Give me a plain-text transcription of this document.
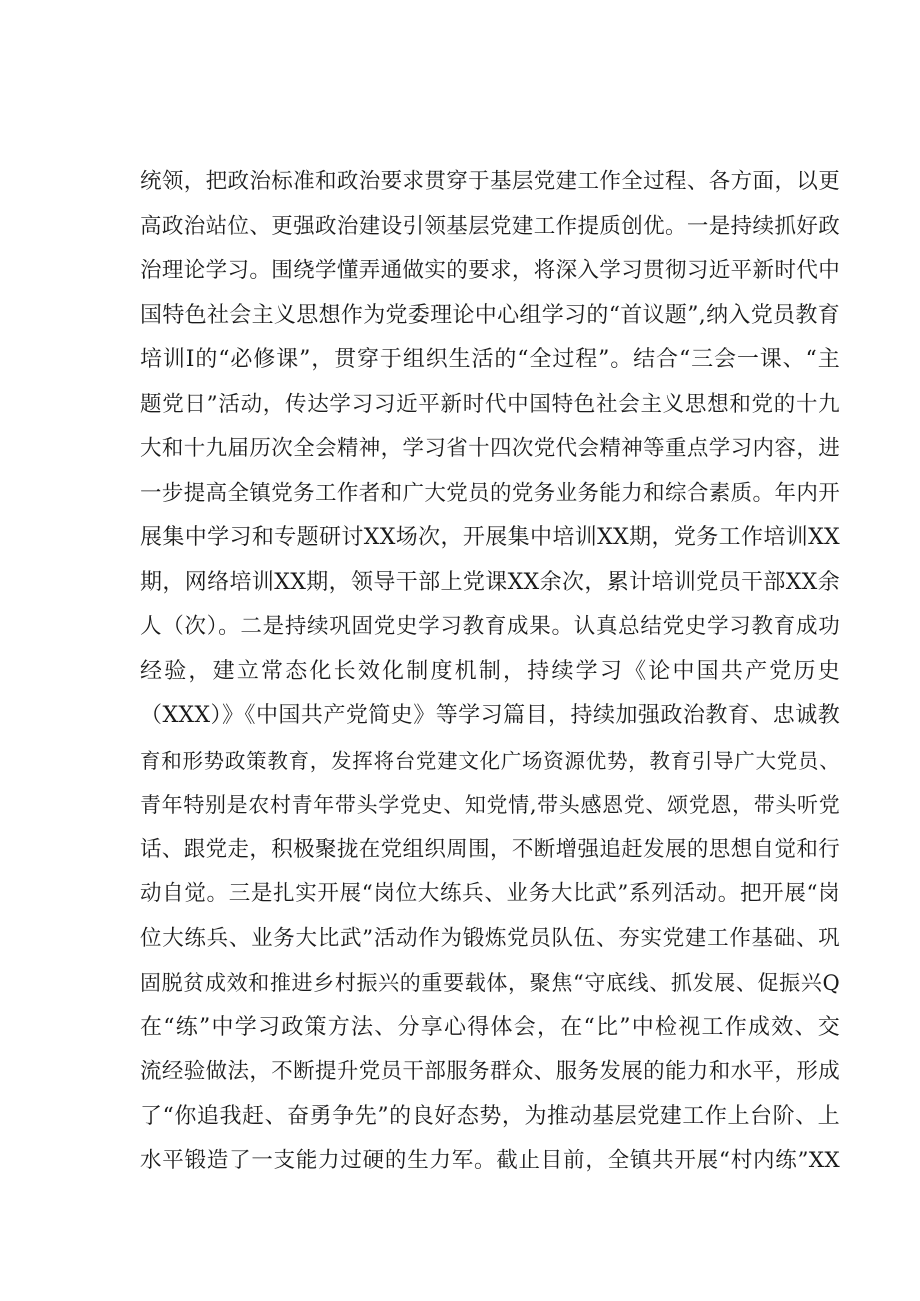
统领，把政治标准和政治要求贯穿于基层党建工作全过程、各方面，以更
高政治站位、更强政治建设引领基层党建工作提质创优。一是持续抓好政
治理论学习。围绕学懂弄通做实的要求，将深入学习贯彻习近平新时代中
国特色社会主义思想作为党委理论中心组学习的“首议题”,纳入党员教育
培训Ⅰ的“必修课”，贯穿于组织生活的“全过程”。结合“三会一课、“主
题党日”活动，传达学习习近平新时代中国特色社会主义思想和党的十九
大和十九届历次全会精神，学习省十四次党代会精神等重点学习内容，进
一步提高全镇党务工作者和广大党员的党务业务能力和综合素质。年内开
展集中学习和专题研讨XX场次，开展集中培训XX期，党务工作培训XX
期，网络培训XX期，领导干部上党课XX余次，累计培训党员干部XX余
人（次）。二是持续巩固党史学习教育成果。认真总结党史学习教育成功
经验，建立常态化长效化制度机制，持续学习《论中国共产党历史
（XXX）》《中国共产党简史》等学习篇目，持续加强政治教育、忠诚教
育和形势政策教育，发挥将台党建文化广场资源优势，教育引导广大党员、
青年特别是农村青年带头学党史、知党情,带头感恩党、颂党恩，带头听党
话、跟党走，积极聚拢在党组织周围，不断增强追赶发展的思想自觉和行
动自觉。三是扎实开展“岗位大练兵、业务大比武”系列活动。把开展“岗
位大练兵、业务大比武”活动作为锻炼党员队伍、夯实党建工作基础、巩
固脱贫成效和推进乡村振兴的重要载体，聚焦“守底线、抓发展、促振兴Q
在“练”中学习政策方法、分享心得体会，在“比”中检视工作成效、交
流经验做法，不断提升党员干部服务群众、服务发展的能力和水平，形成
了“你追我赶、奋勇争先”的良好态势，为推动基层党建工作上台阶、上
水平锻造了一支能力过硬的生力军。截止目前，全镇共开展“村内练”XX
